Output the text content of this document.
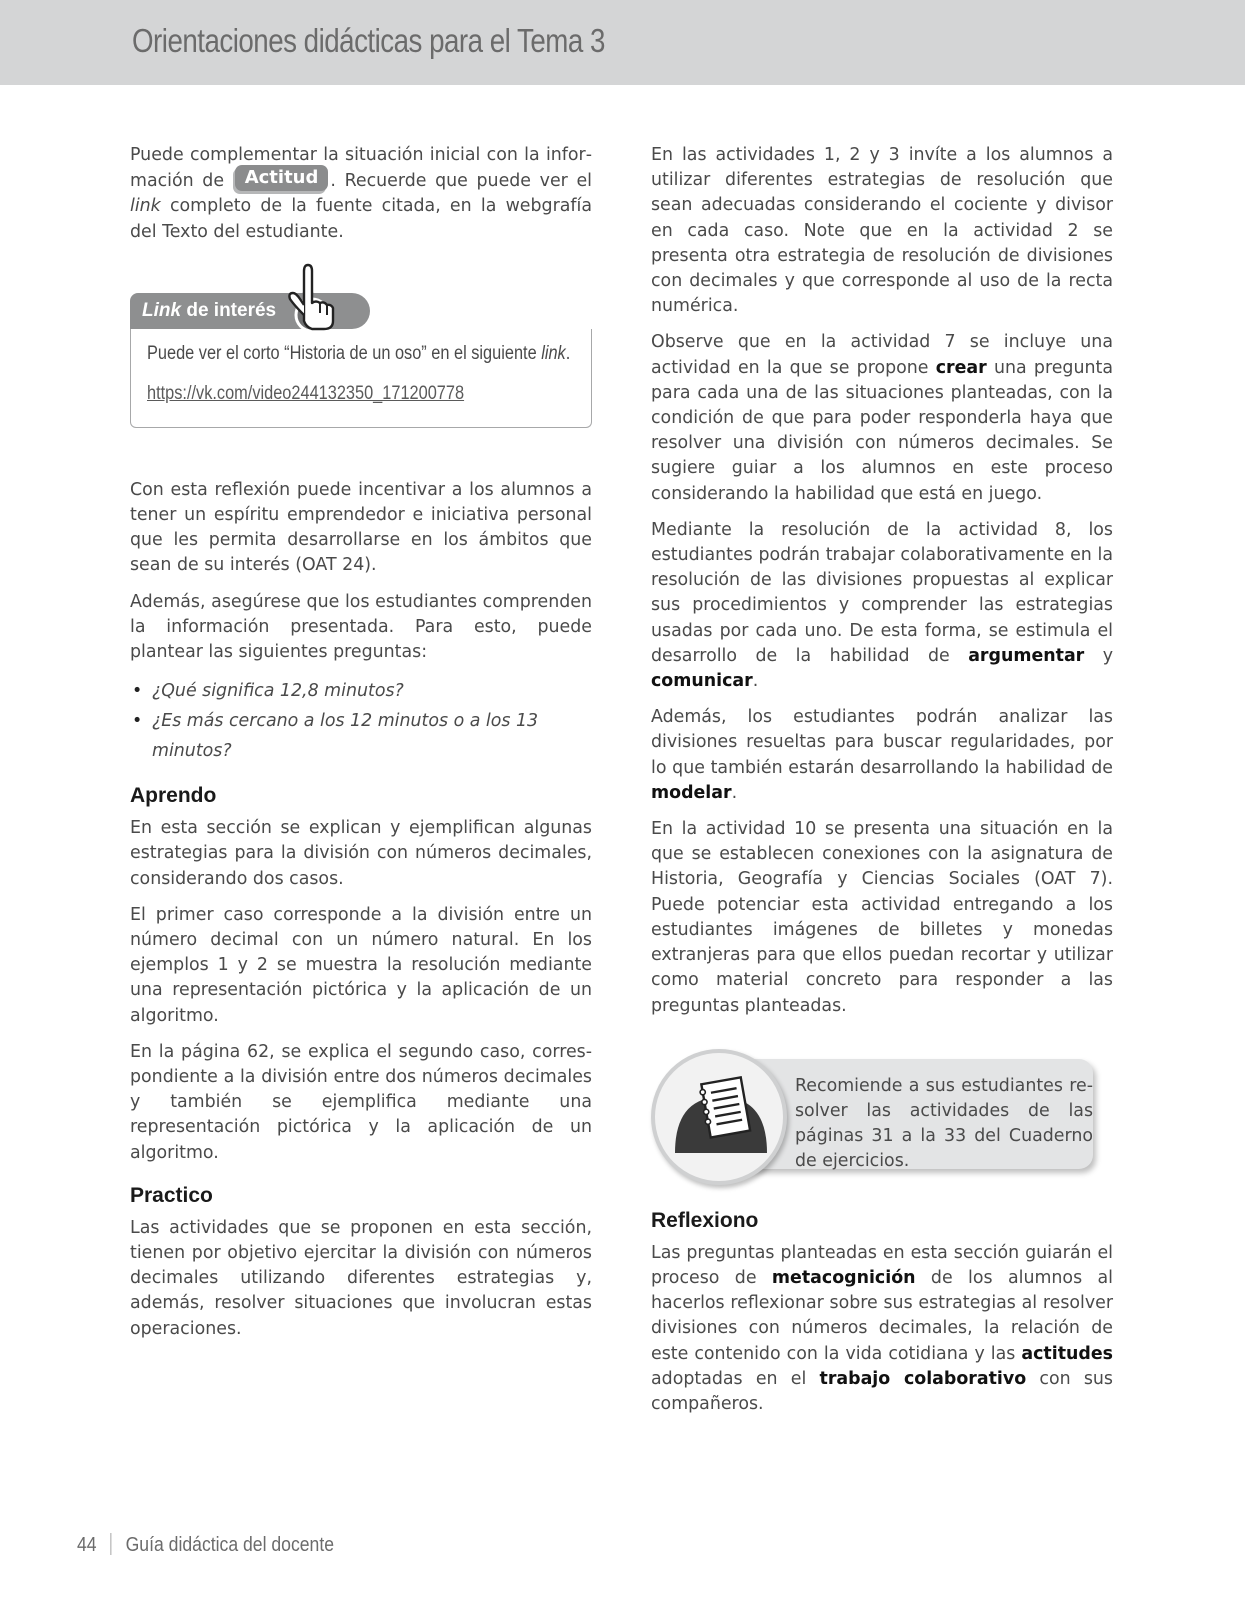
Orientaciones didácticas para el Tema 3

Puede complementar la situación inicial con la información de Actitud . Recuerde que puede ver el link completo de la fuente citada, en la webgrafía del Texto del estudiante.

Link de interés
Puede ver el corto “Historia de un oso” en el siguiente link.
https://vk.com/video244132350_171200778

Con esta reflexión puede incentivar a los alumnos a tener un espíritu emprendedor e iniciativa personal que les permita desarrollarse en los ámbitos que sean de su interés (OAT 24).

Además, asegúrese que los estudiantes comprenden la información presentada. Para esto, puede plantear las siguientes preguntas:

• ¿Qué significa 12,8 minutos?
• ¿Es más cercano a los 12 minutos o a los 13 minutos?
Aprendo

En esta sección se explican y ejemplifican algunas estrategias para la división con números decimales, considerando dos casos.

El primer caso corresponde a la división entre un número decimal con un número natural. En los ejemplos 1 y 2 se muestra la resolución mediante una representación pictórica y la aplicación de un algoritmo.

En la página 62, se explica el segundo caso, correspondiente a la división entre dos números decimales y también se ejemplifica mediante una representación pictórica y la aplicación de un algoritmo.

Practico

Las actividades que se proponen en esta sección, tienen por objetivo ejercitar la división con números decimales utilizando diferentes estrategias y, además, resolver situaciones que involucran estas operaciones.

En las actividades 1, 2 y 3 invíte a los alumnos a utilizar diferentes estrategias de resolución que sean adecuadas considerando el cociente y divisor en cada caso. Note que en la actividad 2 se presenta otra estrategia de resolución de divisiones con decimales y que corresponde al uso de la recta numérica.

Observe que en la actividad 7 se incluye una actividad en la que se propone crear una pregunta para cada una de las situaciones planteadas, con la condición de que para poder responderla haya que resolver una división con números decimales. Se sugiere guiar a los alumnos en este proceso considerando la habilidad que está en juego.

Mediante la resolución de la actividad 8, los estudiantes podrán trabajar colaborativamente en la resolución de las divisiones propuestas al explicar sus procedimientos y comprender las estrategias usadas por cada uno. De esta forma, se estimula el desarrollo de la habilidad de argumentar y comunicar.

Además, los estudiantes podrán analizar las divisiones resueltas para buscar regularidades, por lo que también estarán desarrollando la habilidad de modelar.

En la actividad 10 se presenta una situación en la que se establecen conexiones con la asignatura de Historia, Geografía y Ciencias Sociales (OAT 7). Puede potenciar esta actividad entregando a los estudiantes imágenes de billetes y monedas extranjeras para que ellos puedan recortar y utilizar como material concreto para responder a las preguntas planteadas.

Recomiende a sus estudiantes resolver las actividades de las páginas 31 a la 33 del Cuaderno de ejercicios.
Reflexiono

Las preguntas planteadas en esta sección guiarán el proceso de metacognición de los alumnos al hacerlos reflexionar sobre sus estrategias al resolver divisiones con números decimales, la relación de este contenido con la vida cotidiana y las actitudes adoptadas en el trabajo colaborativo con sus compañeros.

44 Guía didáctica del docente
